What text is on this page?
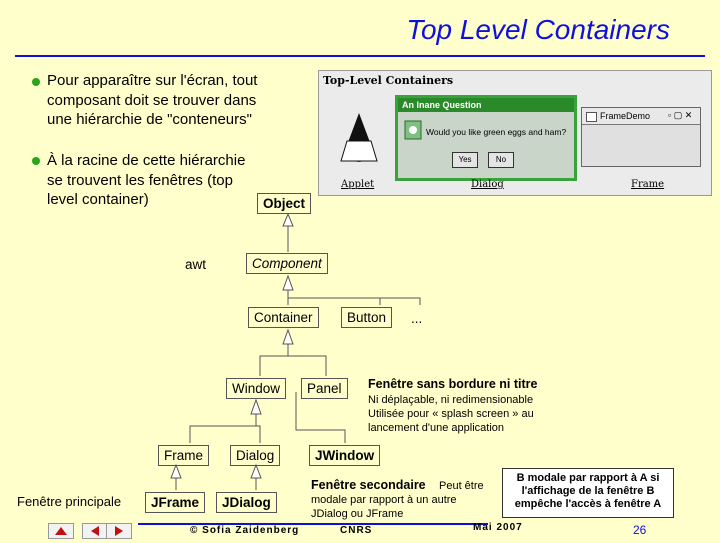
Top Level Containers
Pour apparaître sur l'écran, tout composant doit se trouver dans une hiérarchie de "conteneurs"
À la racine de cette hiérarchie se trouvent les fenêtres (top level container)
Top-Level Containers
An Inane Question
Would you like green eggs and ham?
Yes	No
FrameDemo	▫ ▢ ✕
Applet	Dialog	Frame
Object
awt	Component
Container	Button	...
Window	Panel
Frame	Dialog	JWindow
JFrame	JDialog
Fenêtre sans bordure ni titre
Ni déplaçable, ni redimensionable Utilisée pour « splash screen » au lancement d'une application
Fenêtre principale
Fenêtre secondaire	Peut être modale par rapport à un autre JDialog ou JFrame
B modale par rapport à A si l'affichage de la fenêtre B empêche l'accès à fenêtre A
© Sofia Zaidenberg	CNRS	Mai 2007	26
